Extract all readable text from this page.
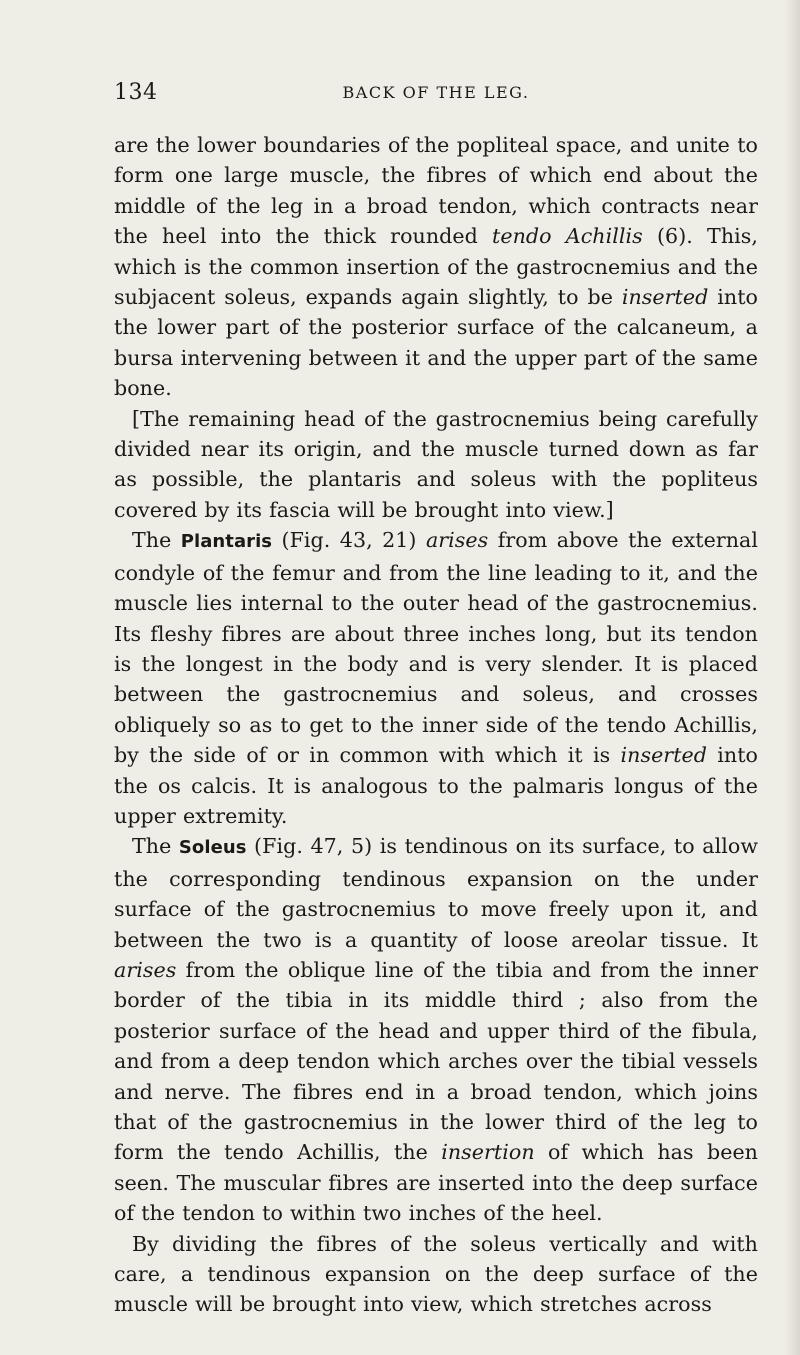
134	BACK OF THE LEG.

are the lower boundaries of the popliteal space, and unite to form one large muscle, the fibres of which end about the middle of the leg in a broad tendon, which contracts near the heel into the thick rounded tendo Achillis (6). This, which is the common insertion of the gastrocnemius and the subjacent soleus, expands again slightly, to be inserted into the lower part of the posterior surface of the calcaneum, a bursa intervening between it and the upper part of the same bone.

[The remaining head of the gastrocnemius being carefully divided near its origin, and the muscle turned down as far as possible, the plantaris and soleus with the popliteus covered by its fascia will be brought into view.]

The Plantaris (Fig. 43, 21) arises from above the external condyle of the femur and from the line leading to it, and the muscle lies internal to the outer head of the gastrocnemius. Its fleshy fibres are about three inches long, but its tendon is the longest in the body and is very slender. It is placed between the gastrocnemius and soleus, and crosses obliquely so as to get to the inner side of the tendo Achillis, by the side of or in common with which it is inserted into the os calcis. It is analogous to the palmaris longus of the upper extremity.

The Soleus (Fig. 47, 5) is tendinous on its surface, to allow the corresponding tendinous expansion on the under surface of the gastrocnemius to move freely upon it, and between the two is a quantity of loose areolar tissue. It arises from the oblique line of the tibia and from the inner border of the tibia in its middle third ; also from the posterior surface of the head and upper third of the fibula, and from a deep tendon which arches over the tibial vessels and nerve. The fibres end in a broad tendon, which joins that of the gastrocnemius in the lower third of the leg to form the tendo Achillis, the insertion of which has been seen. The muscular fibres are inserted into the deep surface of the tendon to within two inches of the heel.

By dividing the fibres of the soleus vertically and with care, a tendinous expansion on the deep surface of the muscle will be brought into view, which stretches across
